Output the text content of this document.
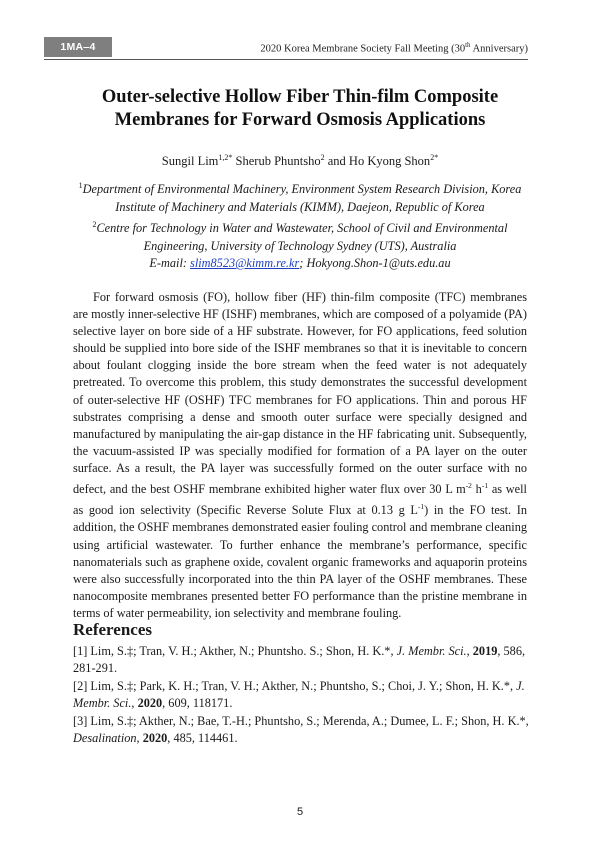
1MA‒4	2020 Korea Membrane Society Fall Meeting (30th Anniversary)
Outer-selective Hollow Fiber Thin-film Composite
Membranes for Forward Osmosis Applications
Sungil Lim$^{1,2*}$ Sherub Phuntsho$^2$ and Ho Kyong Shon$^{2*}$
$^1$Department of Environmental Machinery, Environment System Research Division, Korea
Institute of Machinery and Materials (KIMM), Daejeon, Republic of Korea
$^2$Centre for Technology in Water and Wastewater, School of Civil and Environmental
Engineering, University of Technology Sydney (UTS), Australia
E-mail: slim8523@kimm.re.kr; Hokyong.Shon-1@uts.edu.au

For forward osmosis (FO), hollow fiber (HF) thin-film composite (TFC) membranes are mostly inner-selective HF (ISHF) membranes, which are composed of a polyamide (PA) selective layer on bore side of a HF substrate. However, for FO applications, feed solution should be supplied into bore side of the ISHF membranes so that it is inevitable to concern about foulant clogging inside the bore stream when the feed water is not adequately pretreated. To overcome this problem, this study demonstrates the successful development of outer-selective HF (OSHF) TFC membranes for FO applications. Thin and porous HF substrates comprising a dense and smooth outer surface were specially designed and manufactured by manipulating the air-gap distance in the HF fabricating unit. Subsequently, the vacuum-assisted IP was specially modified for formation of a PA layer on the outer surface. As a result, the PA layer was successfully formed on the outer surface with no defect, and the best OSHF membrane exhibited higher water flux over 30 L $m^{-2}$ $h^{-1}$ as well as good ion selectivity (Specific Reverse Solute Flux at 0.13 g $L^{-1}$) in the FO test. In addition, the OSHF membranes demonstrated easier fouling control and membrane cleaning using artificial wastewater. To further enhance the membrane’s performance, specific nanomaterials such as graphene oxide, covalent organic frameworks and aquaporin proteins were also successfully incorporated into the thin PA layer of the OSHF membranes. These nanocomposite membranes presented better FO performance than the pristine membrane in terms of water permeability, ion selectivity and membrane fouling.

References

[1] Lim, S.‡; Tran, V. H.; Akther, N.; Phuntsho. S.; Shon, H. K.*, J. Membr. Sci., 2019, 586, 281-291.

[2] Lim, S.‡; Park, K. H.; Tran, V. H.; Akther, N.; Phuntsho, S.; Choi, J. Y.; Shon, H. K.*, J. Membr. Sci., 2020, 609, 118171.

[3] Lim, S.‡; Akther, N.; Bae, T.-H.; Phuntsho, S.; Merenda, A.; Dumee, L. F.; Shon, H. K.*, Desalination, 2020, 485, 114461.

5
